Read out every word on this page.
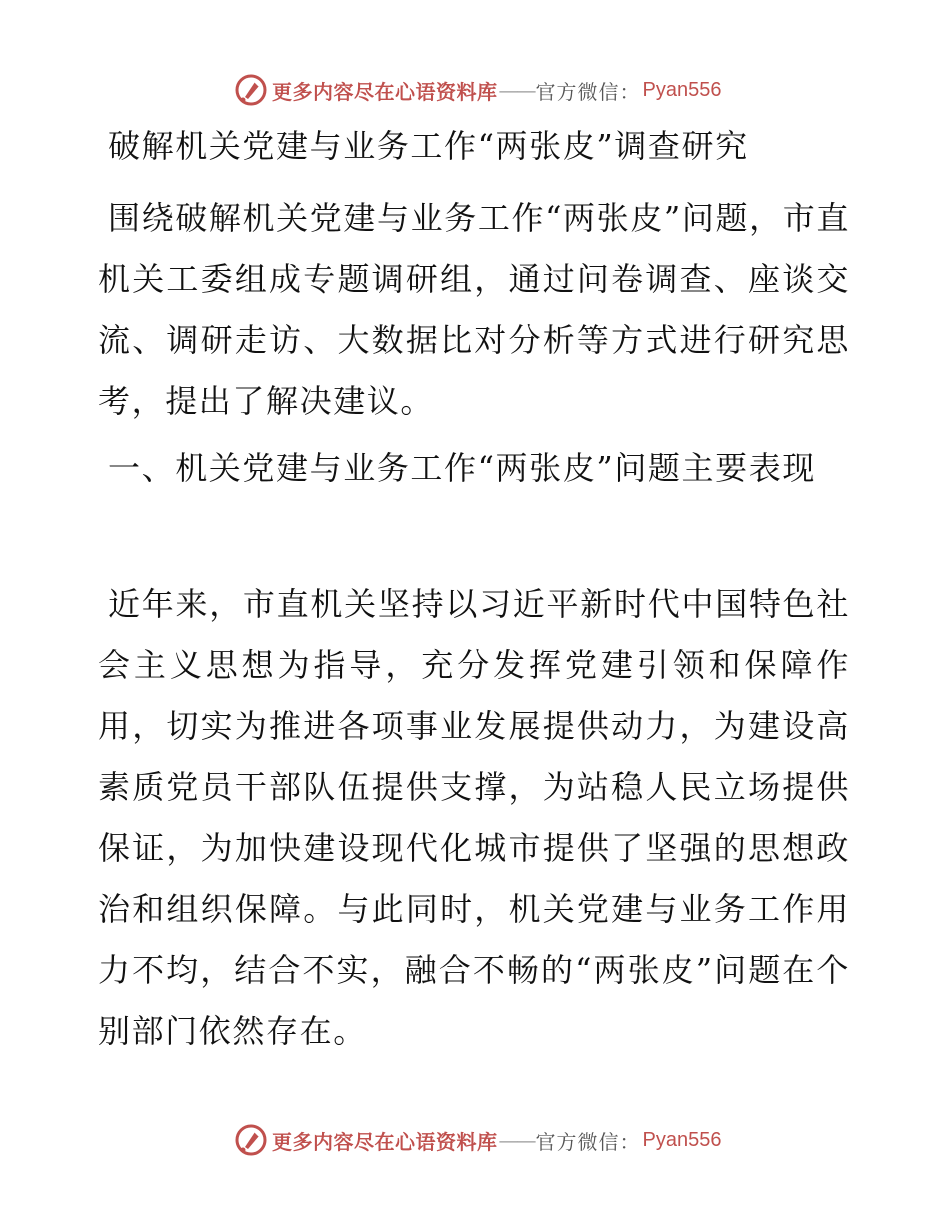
更多内容尽在心语资料库 —— 官方微信： Pyan556
破解机关党建与业务工作“两张皮”调查研究
围绕破解机关党建与业务工作“两张皮”问题，市直机关工委组成专题调研组，通过问卷调查、座谈交流、调研走访、大数据比对分析等方式进行研究思考，提出了解决建议。
一、机关党建与业务工作“两张皮”问题主要表现
近年来，市直机关坚持以习近平新时代中国特色社会主义思想为指导，充分发挥党建引领和保障作用，切实为推进各项事业发展提供动力，为建设高素质党员干部队伍提供支撑，为站稳人民立场提供保证，为加快建设现代化城市提供了坚强的思想政治和组织保障。与此同时，机关党建与业务工作用力不均，结合不实，融合不畅的“两张皮”问题在个别部门依然存在。
更多内容尽在心语资料库 —— 官方微信： Pyan556
